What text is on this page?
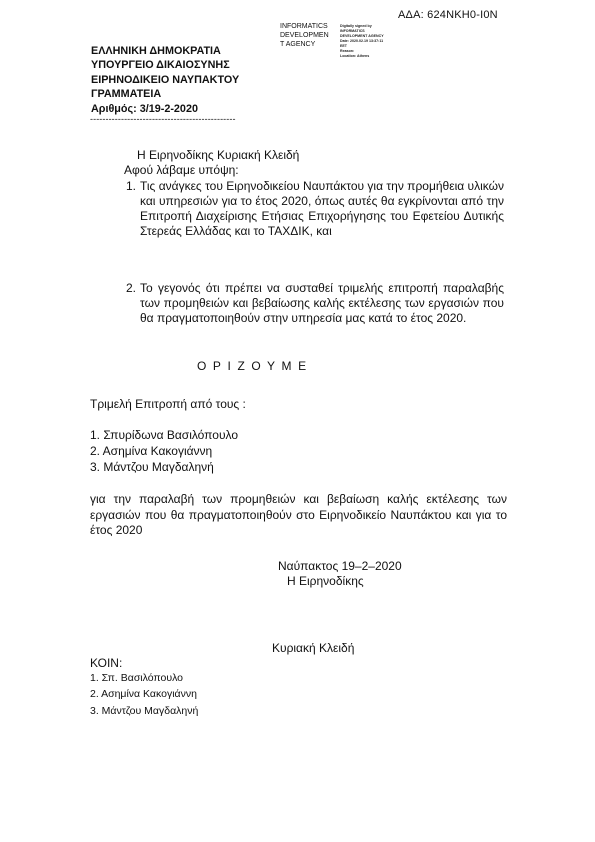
ΑΔΑ: 624ΝΚΗ0-Ι0Ν
INFORMATICS
DEVELOPMEN
T AGENCY
Digitally signed by
INFORMATICS
DEVELOPMENT AGENCY
Date: 2020.02.19 13:37:11
EET
Reason:
Location: Athens
ΕΛΛΗΝΙΚΗ ΔΗΜΟΚΡΑΤΙΑ
ΥΠΟΥΡΓΕΙΟ ΔΙΚΑΙΟΣΥΝΗΣ
ΕΙΡΗΝΟΔΙΚΕΙΟ ΝΑΥΠΑΚΤΟΥ
ΓΡΑΜΜΑΤΕΙΑ
Αριθμός: 3/19-2-2020
-----------------------------------------------
Η Ειρηνοδίκης Κυριακή Κλειδή
Αφού λάβαμε υπόψη:
1. Τις ανάγκες του Ειρηνοδικείου Ναυπάκτου για την προμήθεια υλικών και υπηρεσιών για το έτος 2020, όπως αυτές θα εγκρίνονται από την Επιτροπή Διαχείρισης Ετήσιας Επιχορήγησης του Εφετείου Δυτικής Στερεάς Ελλάδας και το ΤΑΧΔΙΚ, και
2. Το γεγονός ότι πρέπει να συσταθεί τριμελής επιτροπή παραλαβής των προμηθειών και βεβαίωσης καλής εκτέλεσης των εργασιών που θα πραγματοποιηθούν στην υπηρεσία μας κατά το έτος 2020.
ΟΡΙΖΟΥΜΕ
Τριμελή Επιτροπή από τους :
1. Σπυρίδωνα Βασιλόπουλο
2. Ασημίνα Κακογιάννη
3. Μάντζου Μαγδαληνή
για την παραλαβή των προμηθειών και βεβαίωση καλής εκτέλεσης των εργασιών που θα πραγματοποιηθούν στο Ειρηνοδικείο Ναυπάκτου και για το έτος 2020
Ναύπακτος 19–2–2020
Η Ειρηνοδίκης
Κυριακή Κλειδή
ΚΟΙΝ:
1. Σπ. Βασιλόπουλο
2. Ασημίνα Κακογιάννη
3. Μάντζου Μαγδαληνή
